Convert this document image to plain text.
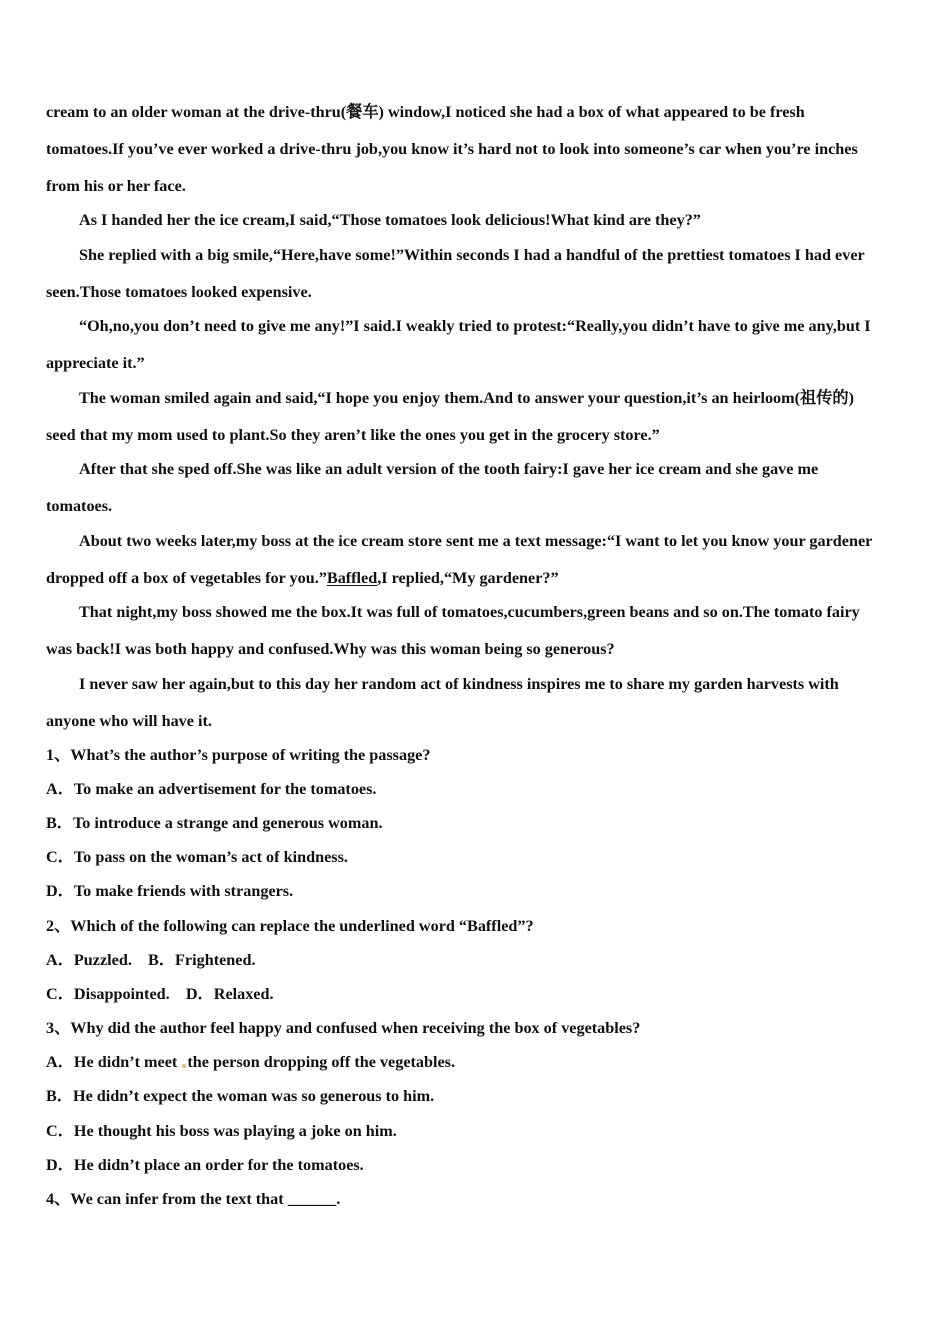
cream to an older woman at the drive-thru(餐车) window,I noticed she had a box of what appeared to be fresh
tomatoes.If you’ve ever worked a drive-thru job,you know it’s hard not to look into someone’s car when you’re inches
from his or her face.
As I handed her the ice cream,I said,“Those tomatoes look delicious!What kind are they?”
She replied with a big smile,“Here,have some!”Within seconds I had a handful of the prettiest tomatoes I had ever
seen.Those tomatoes looked expensive.
“Oh,no,you don’t need to give me any!”I said.I weakly tried to protest:“Really,you didn’t have to give me any,but I
appreciate it.”
The woman smiled again and said,“I hope you enjoy them.And to answer your question,it’s an heirloom(祖传的)
seed that my mom used to plant.So they aren’t like the ones you get in the grocery store.”
After that she sped off.She was like an adult version of the tooth fairy:I gave her ice cream and she gave me
tomatoes.
About two weeks later,my boss at the ice cream store sent me a text message:“I want to let you know your gardener
dropped off a box of vegetables for you.”Baffled,I replied,“My gardener?”
That night,my boss showed me the box.It was full of tomatoes,cucumbers,green beans and so on.The tomato fairy
was back!I was both happy and confused.Why was this woman being so generous?
I never saw her again,but to this day her random act of kindness inspires me to share my garden harvests with
anyone who will have it.
1、What’s the author’s purpose of writing the passage?
A．To make an advertisement for the tomatoes.
B．To introduce a strange and generous woman.
C．To pass on the woman’s act of kindness.
D．To make friends with strangers.
2、Which of the following can replace the underlined word “Baffled”?
A．Puzzled.    B．Frightened.
C．Disappointed.    D．Relaxed.
3、Why did the author feel happy and confused when receiving the box of vegetables?
A．He didn’t meet the person dropping off the vegetables.
B．He didn’t expect the woman was so generous to him.
C．He thought his boss was playing a joke on him.
D．He didn’t place an order for the tomatoes.
4、We can infer from the text that ______.
